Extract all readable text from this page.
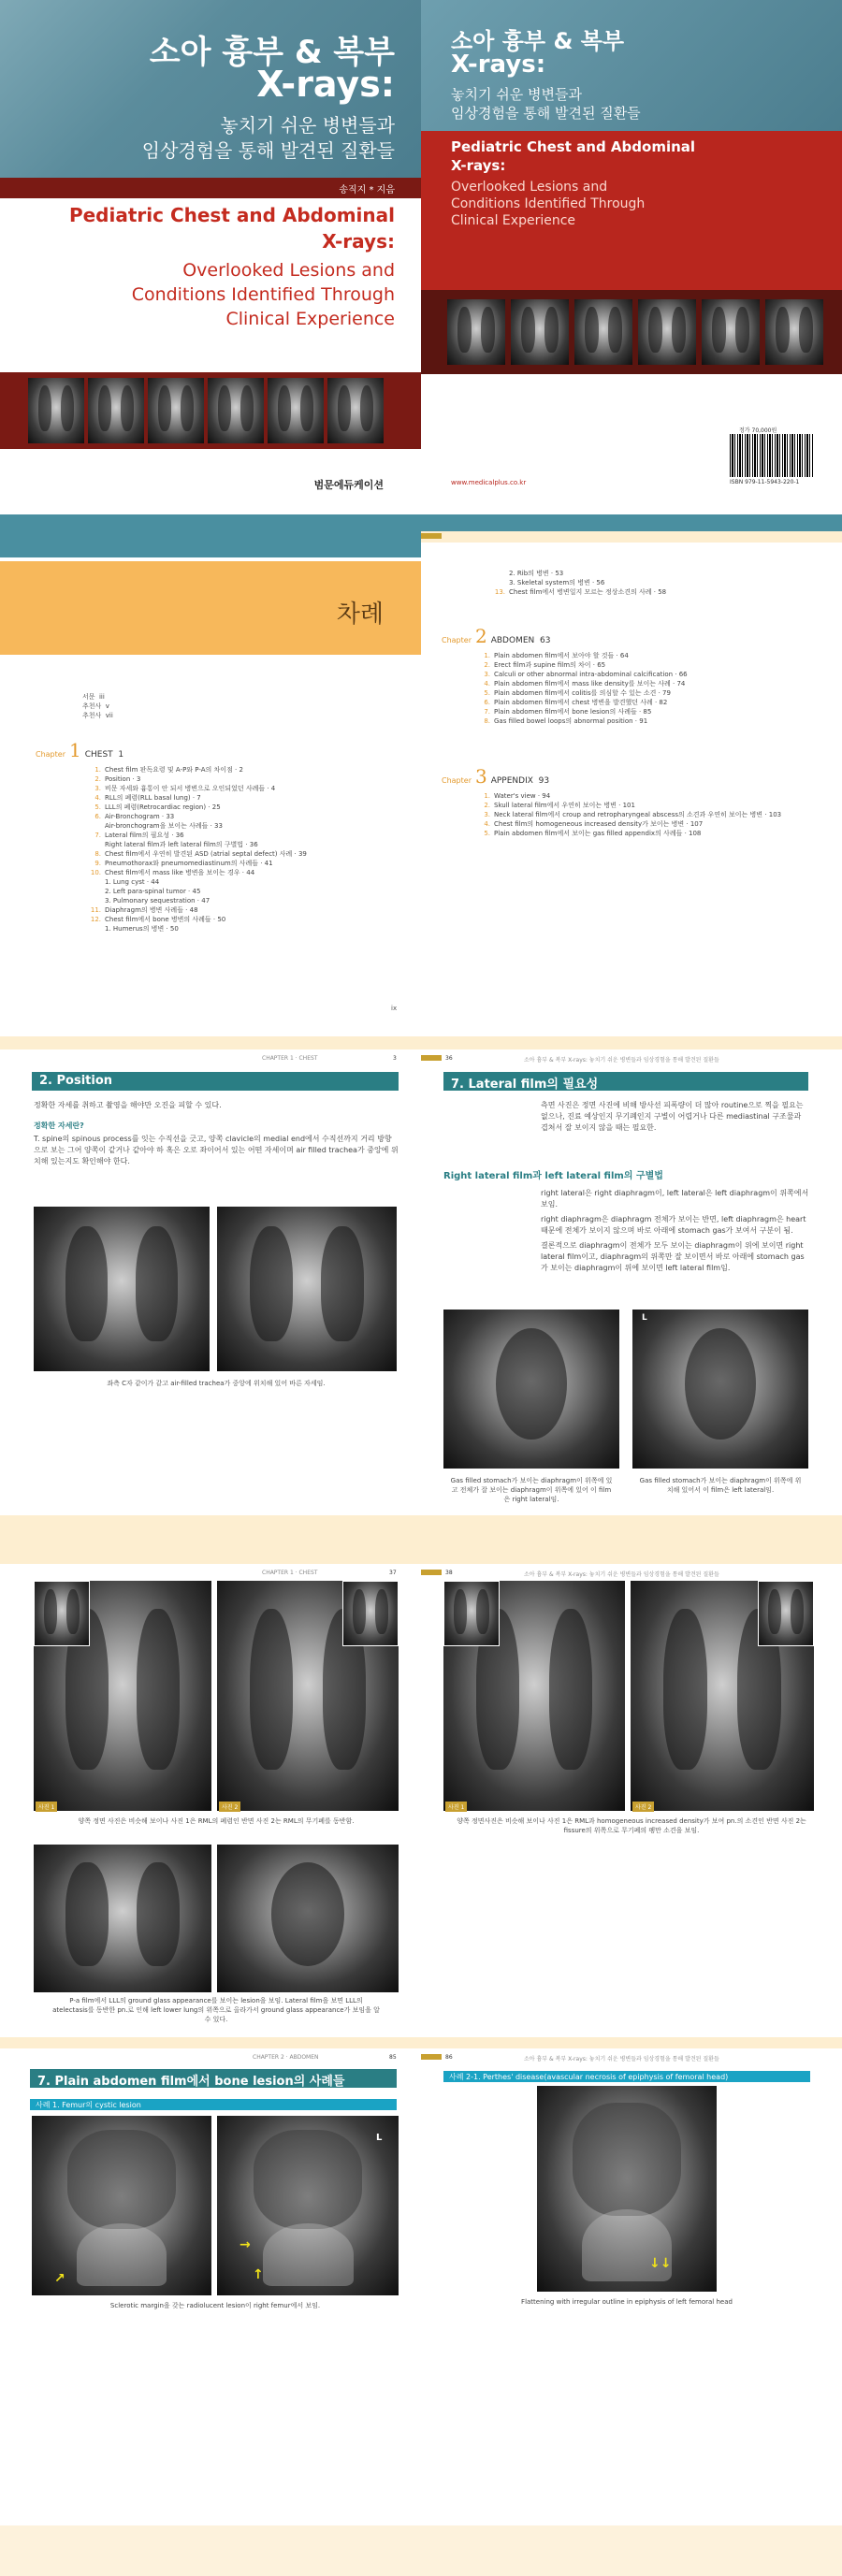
소아 흉부 & 복부
X-rays:
놓치기 쉬운 병변들과
임상경험을 통해 발견된 질환들
송직지 * 지음
Pediatric Chest and Abdominal
X-rays:
Overlooked Lesions and
Conditions Identified Through
Clinical Experience
범문에듀케이션
소아 흉부 & 복부
X-rays:
놓치기 쉬운 병변들과
임상경험을 통해 발견된 질환들
Pediatric Chest and Abdominal
X-rays:
Overlooked Lesions and
Conditions Identified Through
Clinical Experience
정가 70,000원
ISBN 979-11-5943-220-1
www.medicalplus.co.kr
차례
서문 iii
추천사 v
추천사 vii
Chapter 1 CHEST 1
1. Chest film 판독요령 및 A-P와 P-A의 차이점 · 2
2. Position · 3
3. 비문 자세와 흉통이 안 되서 병변으로 오인되었던 사례들 · 4
4. RLL의 폐렴(RLL basal lung) · 7
5. LLL의 폐렴(Retrocardiac region) · 25
6. Air-Bronchogram · 33
Air-bronchogram을 보이는 사례들 · 33
7. Lateral film의 필요성 · 36
Right lateral film과 left lateral film의 구별법 · 36
8. Chest film에서 우연히 발견된 ASD (atrial septal defect) 사례 · 39
9. Pneumothorax와 pneumomediastinum의 사례들 · 41
10. Chest film에서 mass like 병변을 보이는 경우 · 44
1. Lung cyst · 44
2. Left para-spinal tumor · 45
3. Pulmonary sequestration · 47
11. Diaphragm의 병변 사례들 · 48
12. Chest film에서 bone 병변의 사례들 · 50
1. Humerus의 병변 · 50
ix
2. Rib의 병변 · 53
3. Skeletal system의 병변 · 56
13. Chest film에서 병변일지 모르는 정상소견의 사례 · 58
Chapter 2 ABDOMEN 63
1. Plain abdomen film에서 보아야 할 것들 · 64
2. Erect film과 supine film의 차이 · 65
3. Calculi or other abnormal intra-abdominal calcification · 66
4. Plain abdomen film에서 mass like density를 보이는 사례 · 74
5. Plain abdomen film에서 colitis를 의심할 수 있는 소견 · 79
6. Plain abdomen film에서 chest 병변을 발견했던 사례 · 82
7. Plain abdomen film에서 bone lesion의 사례들 · 85
8. Gas filled bowel loops의 abnormal position · 91
Chapter 3 APPENDIX 93
1. Water's view · 94
2. Skull lateral film에서 우연히 보이는 병변 · 101
3. Neck lateral film에서 croup and retropharyngeal abscess의 소견과 우연히 보이는 병변 · 103
4. Chest film의 homogeneous increased density가 보이는 병변 · 107
5. Plain abdomen film에서 보이는 gas filled appendix의 사례들 · 108
CHAPTER 1 · CHEST	3
2. Position
정확한 자세를 취하고 촬영을 해야만 오진을 피할 수 있다.
정확한 자세란?
T. spine의 spinous process를 잇는 수직선을 긋고, 양쪽 clavicle의 medial end에서 수직선까지 거리 방향으로 보는 그어 양쪽이 같거나 같아야 하 혹은 오로 좌이어서 있는 어떤 자세이며 air filled trachea가 중앙에 위치해 있는지도 확인해야 한다.
좌측 C자 같이가 같고 air-filled trachea가 중앙에 위치해 있어 바른 자세임.
36	소아 흉부 & 복부 X-rays: 놓치기 쉬운 병변들과 임상경험을 통해 발견된 질환들
7. Lateral film의 필요성
측면 사진은 정면 사진에 비해 방사선 피폭량이 더 많아 routine으로 찍을 필요는 없으나, 진료 예상인지 무기폐인지 구별이 어렵거나 다른 mediastinal 구조물과 겹쳐서 잘 보이지 않을 때는 필요한.
Right lateral film과 left lateral film의 구별법
right lateral은 right diaphragm이, left lateral은 left diaphragm이 위쪽에서 보임.
right diaphragm은 diaphragm 전체가 보이는 반면, left diaphragm은 heart 때문에 전체가 보이지 않으며 바로 아래에 stomach gas가 보여서 구분이 됨.
결론적으로 diaphragm이 전체가 모두 보이는 diaphragm이 위에 보이면 right lateral film이고, diaphragm의 위쪽만 잘 보이면서 바로 아래에 stomach gas가 보이는 diaphragm이 위에 보이면 left lateral film임.
L
Gas filled stomach가 보이는 diaphragm이 위쪽에 있고 전체가 잘 보이는 diaphragm이 위쪽에 있어 이 film은 right lateral임.
Gas filled stomach가 보이는 diaphragm이 위쪽에 위치해 있어서 이 film은 left lateral임.
CHAPTER 1 · CHEST	37
사진 1	사진 2
양쪽 정면 사진은 비슷해 보이나 사진 1은 RML의 폐렴인 반면 사진 2는 RML의 무기폐를 동반함.
P-a film에서 LLL의 ground glass appearance를 보이는 lesion을 보임. Lateral film을 보면 LLL의 atelectasis를 동반한 pn.로 인해 left lower lung의 위쪽으로 올라가서 ground glass appearance가 보임을 알 수 있다.
38	소아 흉부 & 복부 X-rays: 놓치기 쉬운 병변들과 임상경험을 통해 발견된 질환들
사진 1	사진 2
양쪽 정면사진은 비슷해 보이나 사진 1은 RML과 homogeneous increased density가 보여 pn.의 소견인 반면 사진 2는 fissure의 위쪽으로 무기폐의 팽만 소견을 보임.
CHAPTER 2 · ABDOMEN	85
7. Plain abdomen film에서 bone lesion의 사례들
사례 1. Femur의 cystic lesion
↗
→
↑
L
Sclerotic margin을 갖는 radiolucent lesion이 right femur에서 보임.
86	소아 흉부 & 복부 X-rays: 놓치기 쉬운 병변들과 임상경험을 통해 발견된 질환들
사례 2-1. Perthes' disease(avascular necrosis of epiphysis of femoral head)
↓↓
Flattening with irregular outline in epiphysis of left femoral head
